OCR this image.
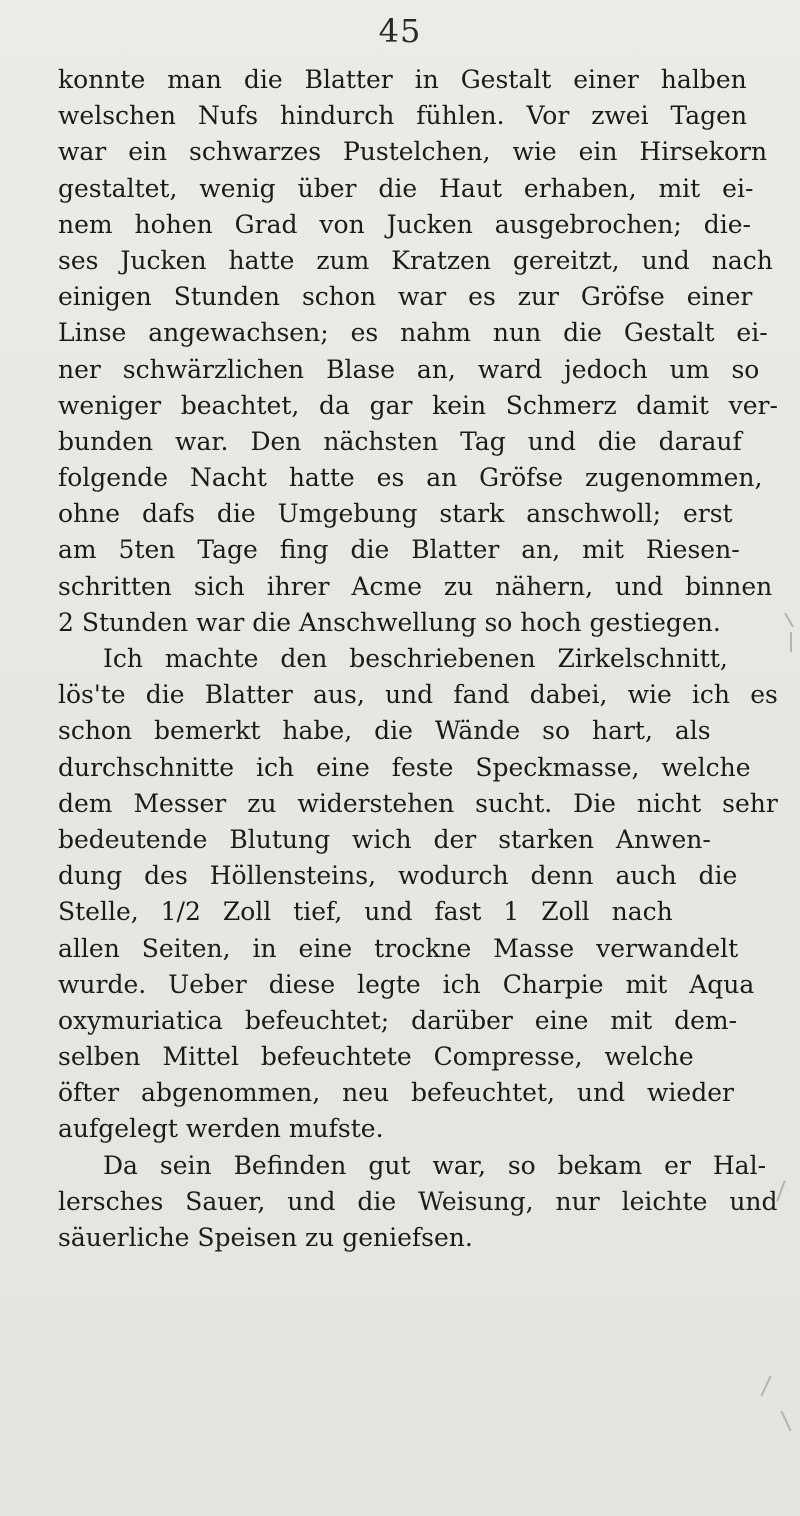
45
konnte man die Blatter in Gestalt einer halben
welschen Nufs hindurch fühlen. Vor zwei Tagen
war ein schwarzes Pustelchen, wie ein Hirsekorn
gestaltet, wenig über die Haut erhaben, mit ei-
nem hohen Grad von Jucken ausgebrochen; die-
ses Jucken hatte zum Kratzen gereitzt, und nach
einigen Stunden schon war es zur Gröfse einer
Linse angewachsen; es nahm nun die Gestalt ei-
ner schwärzlichen Blase an, ward jedoch um so
weniger beachtet, da gar kein Schmerz damit ver-
bunden war. Den nächsten Tag und die darauf
folgende Nacht hatte es an Gröfse zugenommen,
ohne dafs die Umgebung stark anschwoll; erst
am 5ten Tage fing die Blatter an, mit Riesen-
schritten sich ihrer Acme zu nähern, und binnen
2 Stunden war die Anschwellung so hoch gestiegen.
Ich machte den beschriebenen Zirkelschnitt,
lös'te die Blatter aus, und fand dabei, wie ich es
schon bemerkt habe, die Wände so hart, als
durchschnitte ich eine feste Speckmasse, welche
dem Messer zu widerstehen sucht. Die nicht sehr
bedeutende Blutung wich der starken Anwen-
dung des Höllensteins, wodurch denn auch die
Stelle, 1/2 Zoll tief, und fast 1 Zoll nach
allen Seiten, in eine trockne Masse verwandelt
wurde. Ueber diese legte ich Charpie mit Aqua
oxymuriatica befeuchtet; darüber eine mit dem-
selben Mittel befeuchtete Compresse, welche
öfter abgenommen, neu befeuchtet, und wieder
aufgelegt werden mufste.
Da sein Befinden gut war, so bekam er Hal-
lersches Sauer, und die Weisung, nur leichte und
säuerliche Speisen zu geniefsen.
